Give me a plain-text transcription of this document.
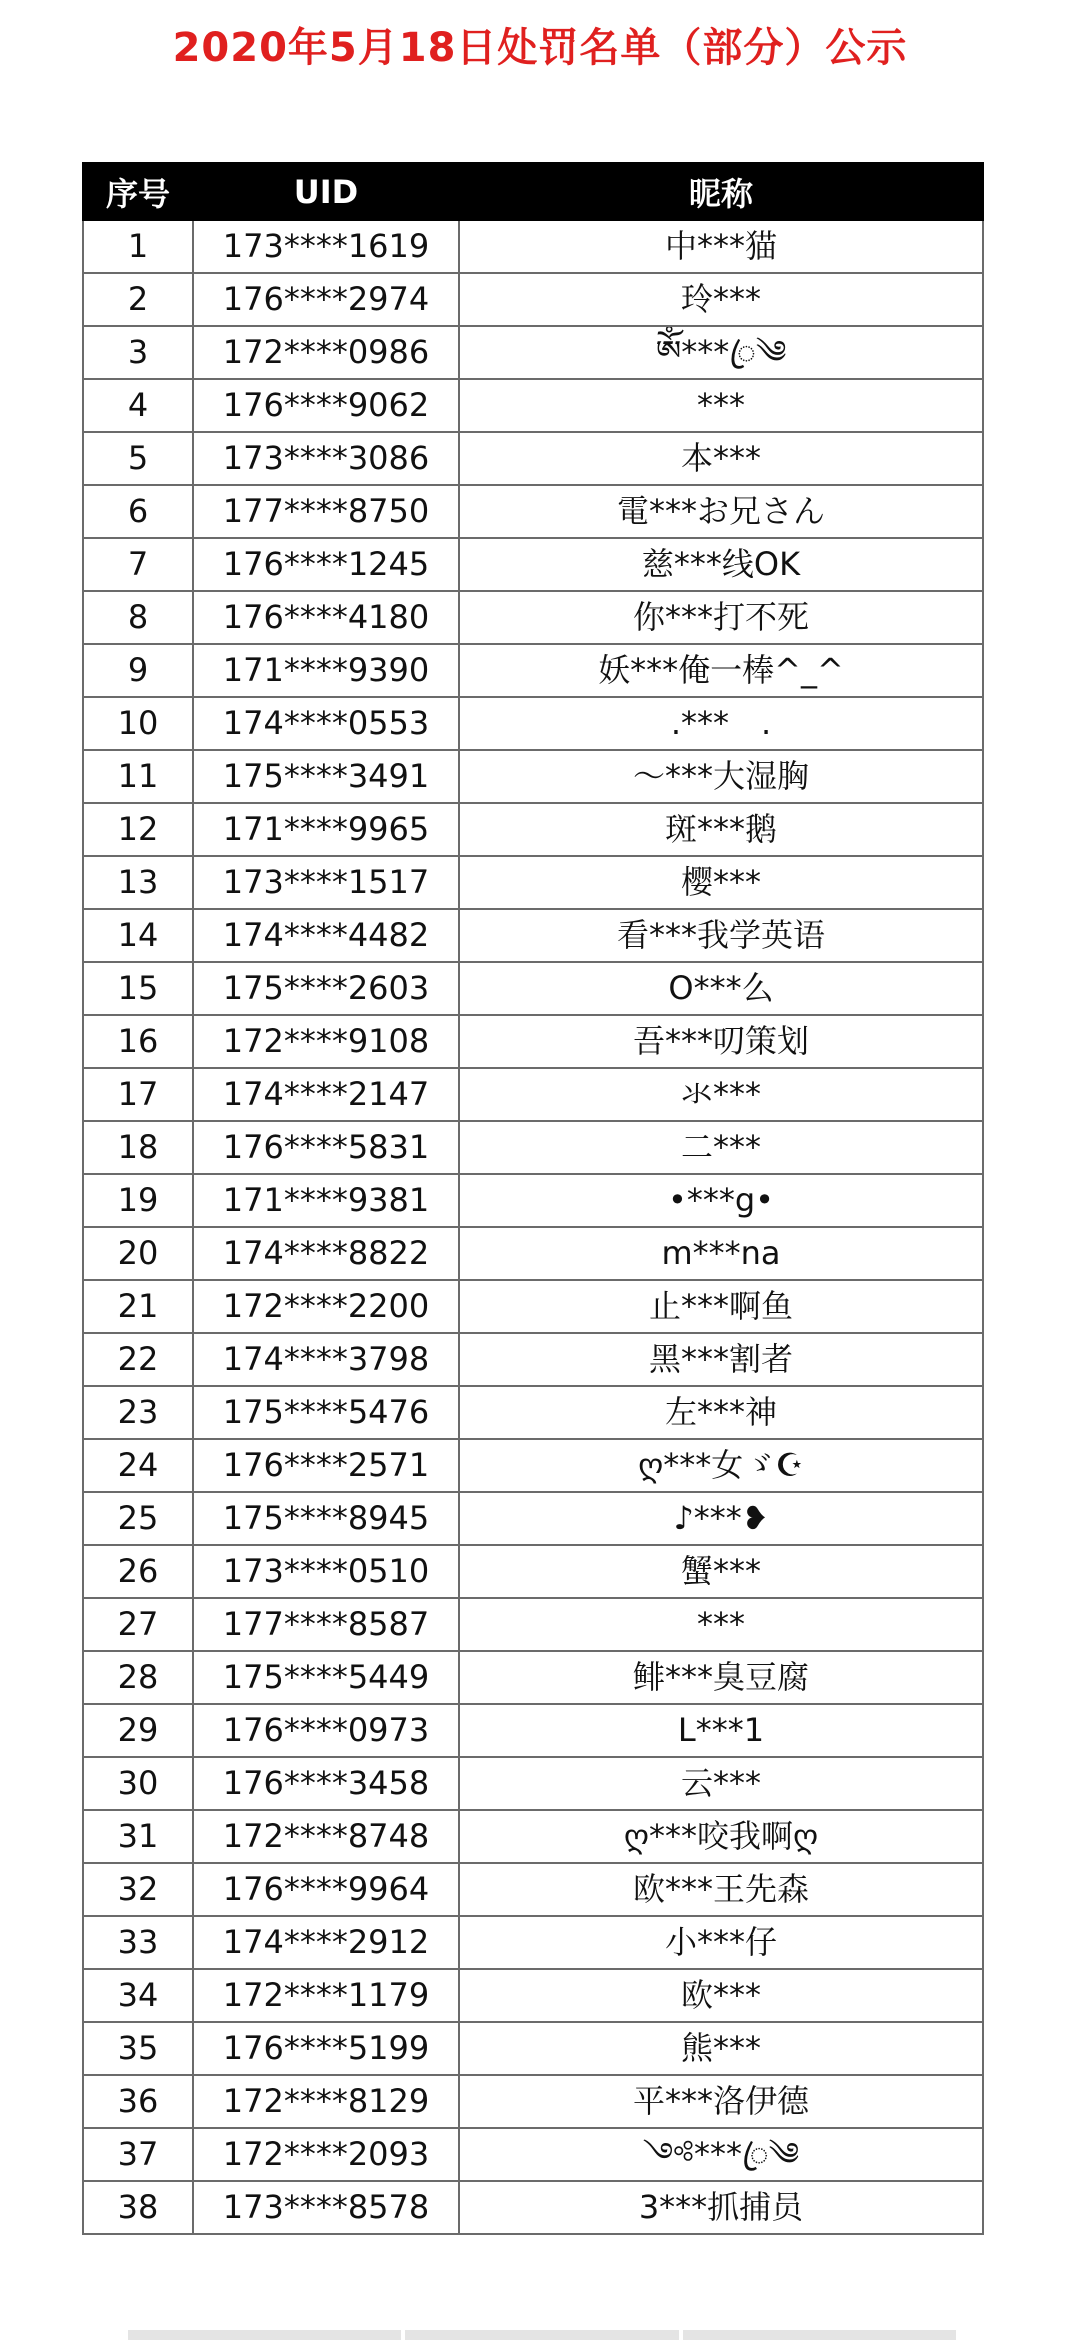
2020年5月18日处罚名单（部分）公示
序号	UID	昵称
1	173****1619	中***猫
2	176****2974	玲***
3	172****0986	ༀ***ꦿ༄
4	176****9062	***
5	173****3086	本***
6	177****8750	電***お兄さん
7	176****1245	慈***线OK
8	176****4180	你***打不死
9	171****9390	妖***俺一棒^_^
10	174****0553	.***　.
11	175****3491	～***大湿胸
12	171****9965	斑***鹅
13	173****1517	樱***
14	174****4482	看***我学英语
15	175****2603	O***么
16	172****9108	吾***叨策划
17	174****2147	氺***
18	176****5831	二***
19	171****9381	•***g•
20	174****8822	m***na
21	172****2200	止***啊鱼
22	174****3798	黑***割者
23	175****5476	左***神
24	176****2571	ღ***女ゞ☪
25	175****8945	♪***❥
26	173****0510	蟹***
27	177****8587	***
28	175****5449	鲱***臭豆腐
29	176****0973	L***1
30	176****3458	云***
31	172****8748	ღ***咬我啊ღ
32	176****9964	欧***王先森
33	174****2912	小***仔
34	172****1179	欧***
35	176****5199	熊***
36	172****8129	平***洛伊德
37	172****2093	༺***ꦿ༄
38	173****8578	3***抓捕员
